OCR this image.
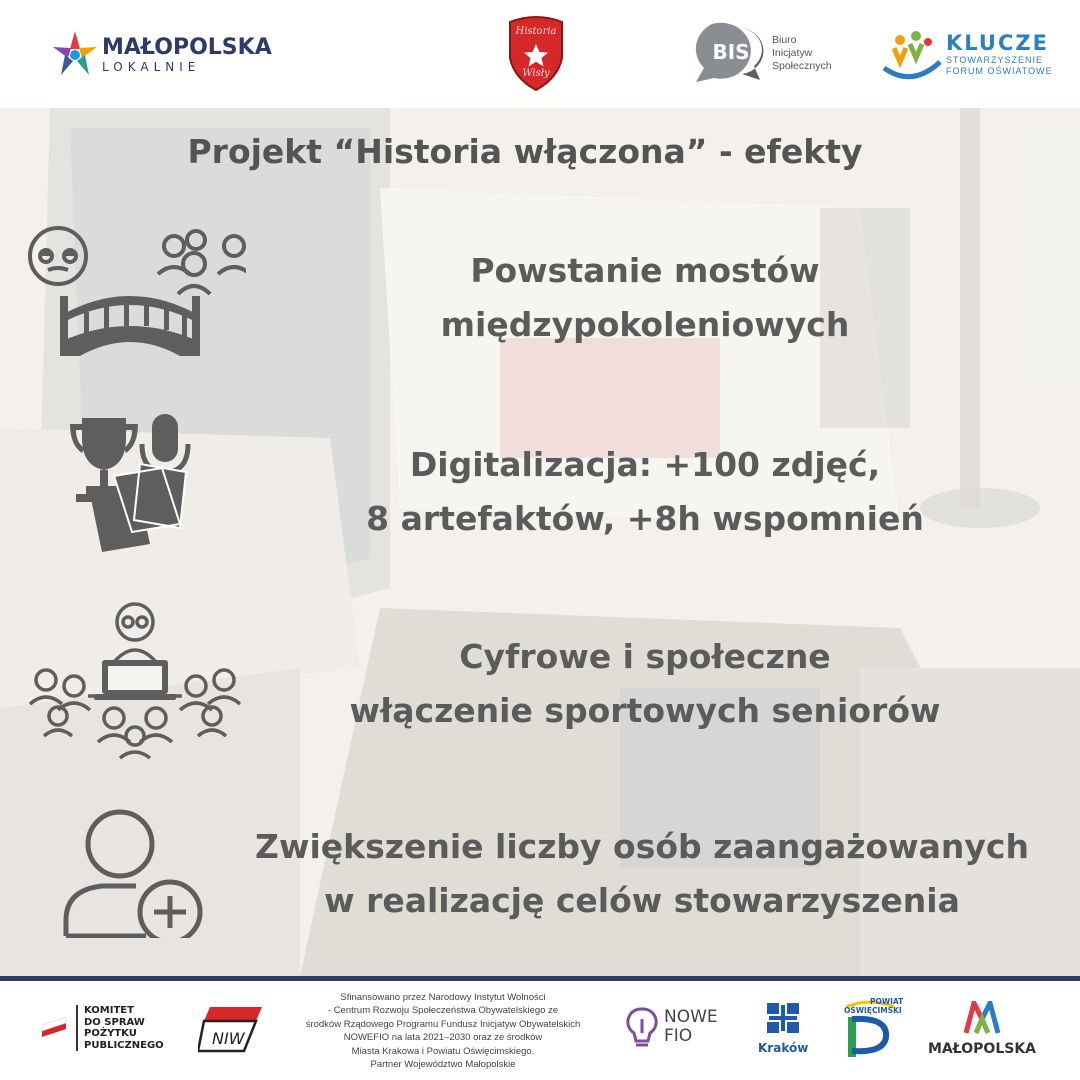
MAŁOPOLSKA
LOKALNIE
Historia
Wisły
BIS
Biuro
Inicjatyw
Społecznych
KLUCZE
STOWARZYSZENIE
FORUM OŚWIATOWE
Projekt “Historia włączona” - efekty
Powstanie mostów
międzypokoleniowych
Digitalizacja: +100 zdjęć,
8 artefaktów, +8h wspomnień
Cyfrowe i społeczne
włączenie sportowych seniorów
Zwiększenie liczby osób zaangażowanych
w realizację celów stowarzyszenia
KOMITET
DO SPRAW
POŻYTKU
PUBLICZNEGO	NIW
Sfinansowano przez Narodowy Instytut Wolności
- Centrum Rozwoju Społeczeństwa Obywatelskiego ze
środków Rządowego Programu Fundusz Inicjatyw Obywatelskich
NOWEFIO na lata 2021–2030 oraz ze środków
Miasta Krakowa i Powiatu Oświęcimskiego.
Partner Województwo Małopolskie
NOWE
FIO
Kraków
POWIAT
OŚWIĘCIMSKI
MAŁOPOLSKA
